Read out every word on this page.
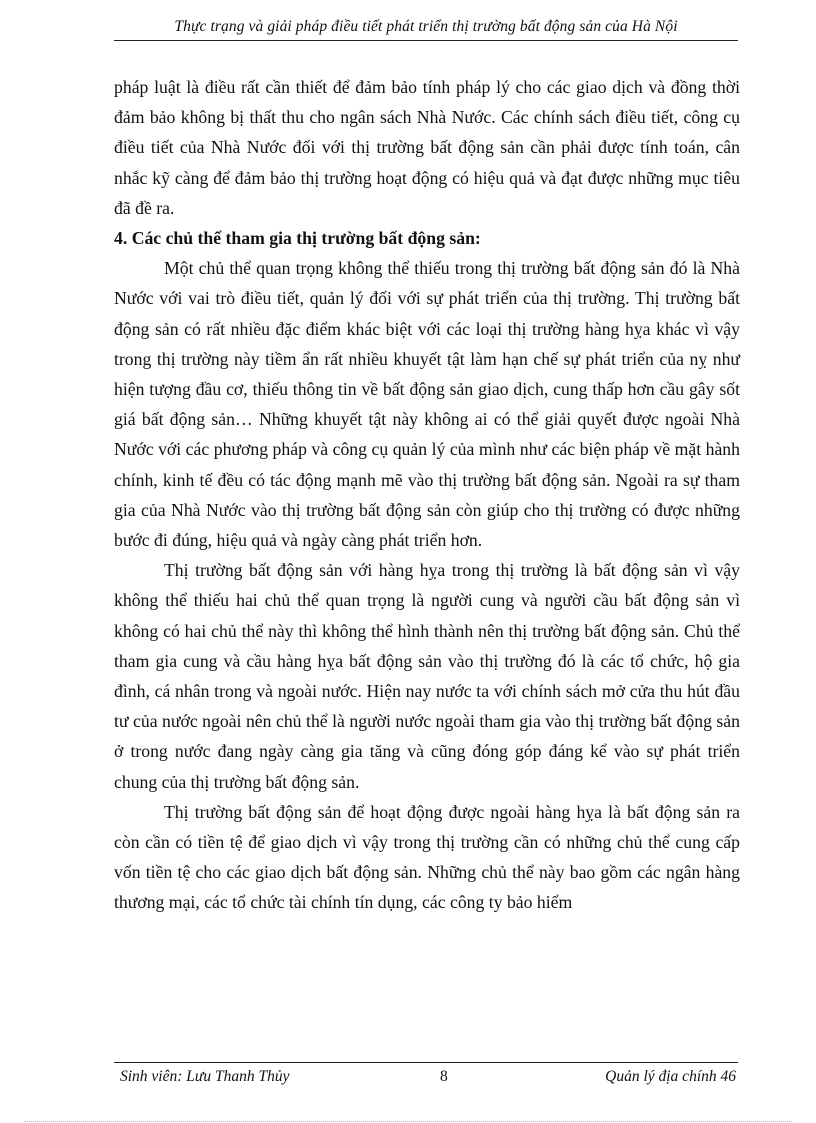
Thực trạng và giải pháp điều tiết phát triển thị trường bất động sản của Hà Nội

pháp luật là điều rất cần thiết để đảm bảo tính pháp lý cho các giao dịch và đồng thời đảm bảo không bị thất thu cho ngân sách Nhà Nước. Các chính sách điều tiết, công cụ điều tiết của Nhà Nước đối với thị trường bất động sản cần phải được tính toán, cân nhắc kỹ càng để đảm bảo thị trường hoạt động có hiệu quả và đạt được những mục tiêu đã đề ra.

4. Các chủ thể tham gia thị trường bất động sản:

Một chủ thể quan trọng không thể thiếu trong thị trường bất động sản đó là Nhà Nước với vai trò điều tiết, quản lý đối với sự phát triển của thị trường. Thị trường bất động sản có rất nhiều đặc điểm khác biệt với các loại thị trường hàng hỵa khác vì vậy trong thị trường này tiềm ẩn rất nhiều khuyết tật làm hạn chế sự phát triển của nỵ như hiện tượng đầu cơ, thiếu thông tin về bất động sản giao dịch, cung thấp hơn cầu gây sốt giá bất động sản… Những khuyết tật này không ai có thể giải quyết được ngoài Nhà Nước với các phương pháp và công cụ quản lý của mình như các biện pháp về mặt hành chính, kinh tế đều có tác động mạnh mẽ vào thị trường bất động sản. Ngoài ra sự tham gia của Nhà Nước vào thị trường bất động sản còn giúp cho thị trường có được những bước đi đúng, hiệu quả và ngày càng phát triển hơn.

Thị trường bất động sản với hàng hỵa trong thị trường là bất động sản vì vậy không thể thiếu hai chủ thể quan trọng là người cung và người cầu bất động sản vì không có hai chủ thể này thì không thể hình thành nên thị trường bất động sản. Chủ thể tham gia cung và cầu hàng hỵa bất động sản vào thị trường đó là các tổ chức, hộ gia đình, cá nhân trong và ngoài nước. Hiện nay nước ta với chính sách mở cửa thu hút đầu tư của nước ngoài nên chủ thể là người nước ngoài tham gia vào thị trường bất động sản ở trong nước đang ngày càng gia tăng và cũng đóng góp đáng kể vào sự phát triển chung của thị trường bất động sản.

Thị trường bất động sản để hoạt động được ngoài hàng hỵa là bất động sản ra còn cần có tiền tệ để giao dịch vì vậy trong thị trường cần có những chủ thể cung cấp vốn tiền tệ cho các giao dịch bất động sản. Những chủ thể này bao gồm các ngân hàng thương mại, các tổ chức tài chính tín dụng, các công ty bảo hiểm

Sinh viên: Lưu Thanh Thủy	8	Quản lý địa chính 46
